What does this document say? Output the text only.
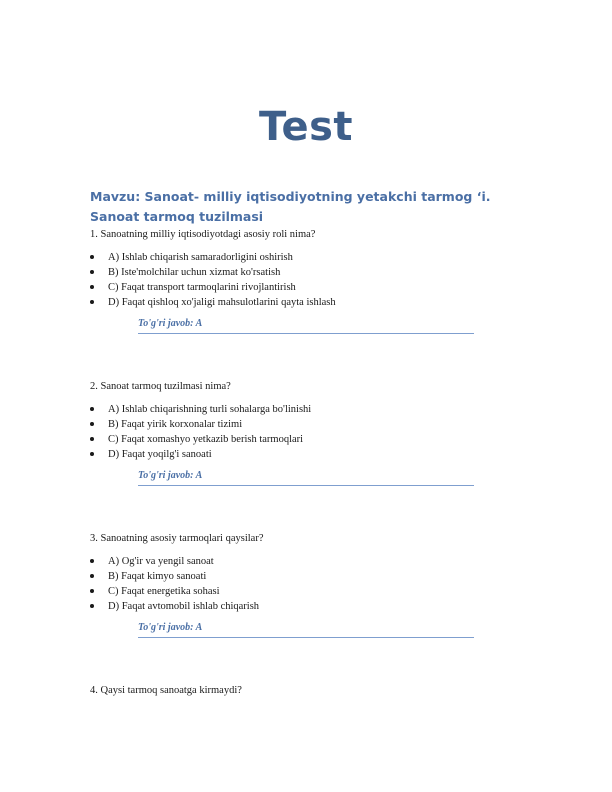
Test
Mavzu: Sanoat- milliy iqtisodiyotning yetakchi tarmog ‘i. Sanoat tarmoq tuzilmasi

1. Sanoatning milliy iqtisodiyotdagi asosiy roli nima?

A) Ishlab chiqarish samaradorligini oshirish
B) Iste'molchilar uchun xizmat ko'rsatish
C) Faqat transport tarmoqlarini rivojlantirish
D) Faqat qishloq xo'jaligi mahsulotlarini qayta ishlash
To'g'ri javob: A

2. Sanoat tarmoq tuzilmasi nima?

A) Ishlab chiqarishning turli sohalarga bo'linishi
B) Faqat yirik korxonalar tizimi
C) Faqat xomashyo yetkazib berish tarmoqlari
D) Faqat yoqilg'i sanoati
To'g'ri javob: A

3. Sanoatning asosiy tarmoqlari qaysilar?

A) Og'ir va yengil sanoat
B) Faqat kimyo sanoati
C) Faqat energetika sohasi
D) Faqat avtomobil ishlab chiqarish
To'g'ri javob: A

4. Qaysi tarmoq sanoatga kirmaydi?
